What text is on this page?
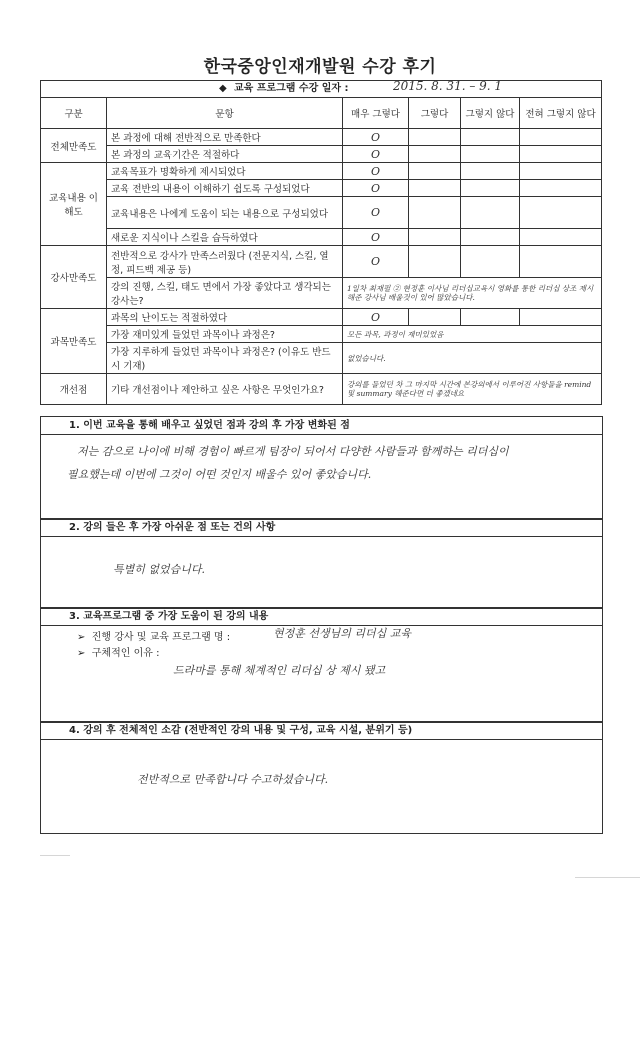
한국중앙인재개발원 수강 후기
◆ 교육 프로그램 수강 일자 :	2015. 8. 31. – 9. 1
구분	문항	매우 그렇다	그렇다	그렇지 않다	전혀 그렇지 않다
전체만족도	본 과정에 대해 전반적으로 만족한다	O			
	본 과정의 교육기간은 적절하다	O			
교육내용 이해도	교육목표가 명확하게 제시되었다	O			
	교육 전반의 내용이 이해하기 쉽도록 구성되었다	O			
	교육내용은 나에게 도움이 되는 내용으로 구성되었다	O			
	새로운 지식이나 스킬을 습득하였다	O			
강사만족도	전반적으로 강사가 만족스러웠다 (전문지식, 스킬, 열정, 피드백 제공 등)	O			
	강의 진행, 스킬, 태도 면에서 가장 좋았다고 생각되는 강사는?	1일차 최재필 ② 현정훈 이사님 리더십교육시 영화를 통한 리더십 상조 제시해준 강사님 배울것이 있어 많았습니다.			
과목만족도	과목의 난이도는 적절하였다	O			
	가장 재미있게 들었던 과목이나 과정은?	모든 과목, 과정이 재미있었음			
	가장 지루하게 들었던 과목이나 과정은? (이유도 반드시 기재)	없었습니다.			
개선점	기타 개선점이나 제안하고 싶은 사항은 무엇인가요?	강의를 들었던 차 그 마지막 시간에 본강의에서 이루어진 사항들을 remind 및 summary 해준다면 더 좋겠네요			
1. 이번 교육을 통해 배우고 싶었던 점과 강의 후 가장 변화된 점
저는 감으로 나이에 비해 경험이 빠르게 팀장이 되어서 다양한 사람들과 함께하는 리더십이
필요했는데 이번에 그것이 어떤 것인지 배울수 있어 좋았습니다.
2. 강의 들은 후 가장 아쉬운 점 또는 건의 사항
특별히 없었습니다.
3. 교육프로그램 중 가장 도움이 된 강의 내용
➢  진행 강사 및 교육 프로그램 명 :	현정훈 선생님의 리더십 교육
➢  구체적인 이유 :
드라마를 통해 체계적인 리더십 상 제시 됐고
4. 강의 후 전체적인 소감 (전반적인 강의 내용 및 구성, 교육 시설, 분위기 등)
전반적으로 만족합니다 수고하셨습니다.
